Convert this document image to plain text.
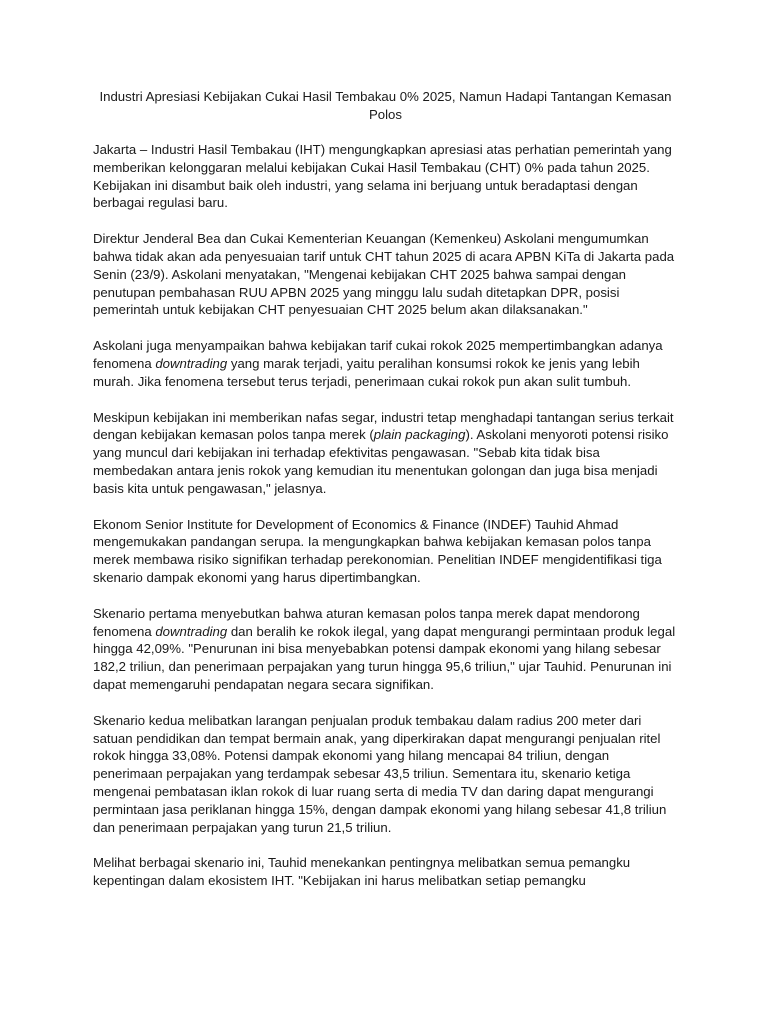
Industri Apresiasi Kebijakan Cukai Hasil Tembakau 0% 2025, Namun Hadapi Tantangan Kemasan Polos

Jakarta – Industri Hasil Tembakau (IHT) mengungkapkan apresiasi atas perhatian pemerintah yang memberikan kelonggaran melalui kebijakan Cukai Hasil Tembakau (CHT) 0% pada tahun 2025. Kebijakan ini disambut baik oleh industri, yang selama ini berjuang untuk beradaptasi dengan berbagai regulasi baru.

Direktur Jenderal Bea dan Cukai Kementerian Keuangan (Kemenkeu) Askolani mengumumkan bahwa tidak akan ada penyesuaian tarif untuk CHT tahun 2025 di acara APBN KiTa di Jakarta pada Senin (23/9). Askolani menyatakan, "Mengenai kebijakan CHT 2025 bahwa sampai dengan penutupan pembahasan RUU APBN 2025 yang minggu lalu sudah ditetapkan DPR, posisi pemerintah untuk kebijakan CHT penyesuaian CHT 2025 belum akan dilaksanakan."

Askolani juga menyampaikan bahwa kebijakan tarif cukai rokok 2025 mempertimbangkan adanya fenomena downtrading yang marak terjadi, yaitu peralihan konsumsi rokok ke jenis yang lebih murah. Jika fenomena tersebut terus terjadi, penerimaan cukai rokok pun akan sulit tumbuh.

Meskipun kebijakan ini memberikan nafas segar, industri tetap menghadapi tantangan serius terkait dengan kebijakan kemasan polos tanpa merek (plain packaging). Askolani menyoroti potensi risiko yang muncul dari kebijakan ini terhadap efektivitas pengawasan. "Sebab kita tidak bisa membedakan antara jenis rokok yang kemudian itu menentukan golongan dan juga bisa menjadi basis kita untuk pengawasan," jelasnya.

Ekonom Senior Institute for Development of Economics & Finance (INDEF) Tauhid Ahmad mengemukakan pandangan serupa. Ia mengungkapkan bahwa kebijakan kemasan polos tanpa merek membawa risiko signifikan terhadap perekonomian. Penelitian INDEF mengidentifikasi tiga skenario dampak ekonomi yang harus dipertimbangkan.

Skenario pertama menyebutkan bahwa aturan kemasan polos tanpa merek dapat mendorong fenomena downtrading dan beralih ke rokok ilegal, yang dapat mengurangi permintaan produk legal hingga 42,09%. "Penurunan ini bisa menyebabkan potensi dampak ekonomi yang hilang sebesar 182,2 triliun, dan penerimaan perpajakan yang turun hingga 95,6 triliun," ujar Tauhid. Penurunan ini dapat memengaruhi pendapatan negara secara signifikan.

Skenario kedua melibatkan larangan penjualan produk tembakau dalam radius 200 meter dari satuan pendidikan dan tempat bermain anak, yang diperkirakan dapat mengurangi penjualan ritel rokok hingga 33,08%. Potensi dampak ekonomi yang hilang mencapai 84 triliun, dengan penerimaan perpajakan yang terdampak sebesar 43,5 triliun. Sementara itu, skenario ketiga mengenai pembatasan iklan rokok di luar ruang serta di media TV dan daring dapat mengurangi permintaan jasa periklanan hingga 15%, dengan dampak ekonomi yang hilang sebesar 41,8 triliun dan penerimaan perpajakan yang turun 21,5 triliun.

Melihat berbagai skenario ini, Tauhid menekankan pentingnya melibatkan semua pemangku kepentingan dalam ekosistem IHT. "Kebijakan ini harus melibatkan setiap pemangku
